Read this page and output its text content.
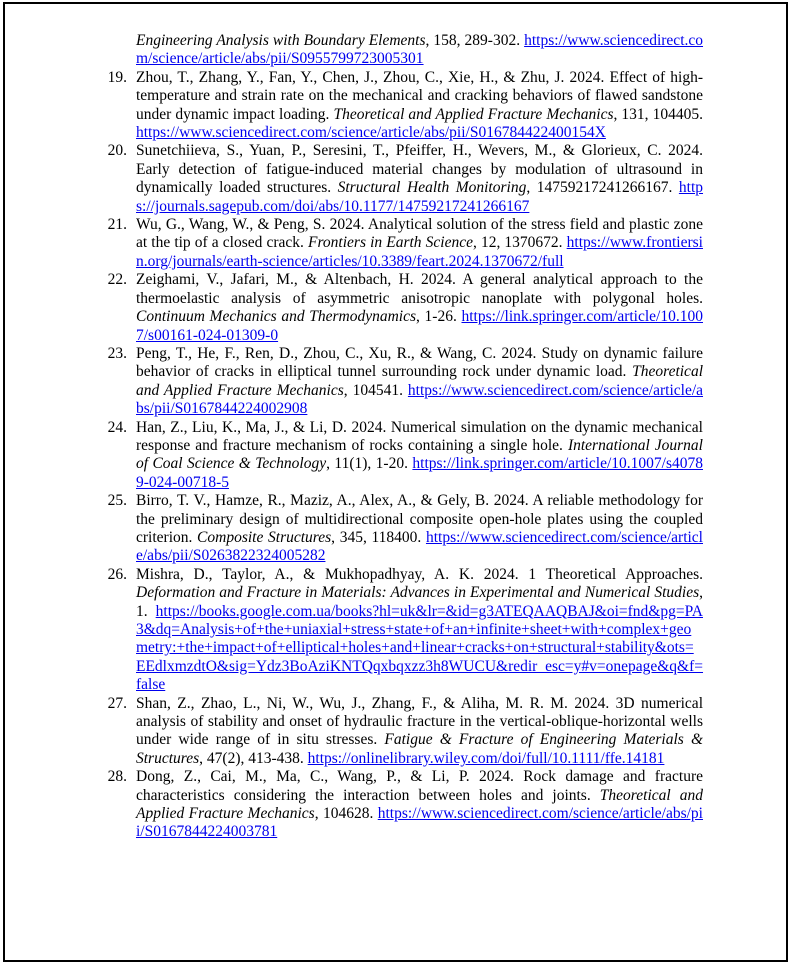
Engineering Analysis with Boundary Elements, 158, 289-302. https://www.sciencedirect.com/science/article/abs/pii/S0955799723005301
19. Zhou, T., Zhang, Y., Fan, Y., Chen, J., Zhou, C., Xie, H., & Zhu, J. 2024. Effect of high-temperature and strain rate on the mechanical and cracking behaviors of flawed sandstone under dynamic impact loading. Theoretical and Applied Fracture Mechanics, 131, 104405. https://www.sciencedirect.com/science/article/abs/pii/S016784422400154X
20. Sunetchiieva, S., Yuan, P., Seresini, T., Pfeiffer, H., Wevers, M., & Glorieux, C. 2024. Early detection of fatigue-induced material changes by modulation of ultrasound in dynamically loaded structures. Structural Health Monitoring, 14759217241266167. https://journals.sagepub.com/doi/abs/10.1177/14759217241266167
21. Wu, G., Wang, W., & Peng, S. 2024. Analytical solution of the stress field and plastic zone at the tip of a closed crack. Frontiers in Earth Science, 12, 1370672. https://www.frontiersin.org/journals/earth-science/articles/10.3389/feart.2024.1370672/full
22. Zeighami, V., Jafari, M., & Altenbach, H. 2024. A general analytical approach to the thermoelastic analysis of asymmetric anisotropic nanoplate with polygonal holes. Continuum Mechanics and Thermodynamics, 1-26. https://link.springer.com/article/10.1007/s00161-024-01309-0
23. Peng, T., He, F., Ren, D., Zhou, C., Xu, R., & Wang, C. 2024. Study on dynamic failure behavior of cracks in elliptical tunnel surrounding rock under dynamic load. Theoretical and Applied Fracture Mechanics, 104541. https://www.sciencedirect.com/science/article/abs/pii/S0167844224002908
24. Han, Z., Liu, K., Ma, J., & Li, D. 2024. Numerical simulation on the dynamic mechanical response and fracture mechanism of rocks containing a single hole. International Journal of Coal Science & Technology, 11(1), 1-20. https://link.springer.com/article/10.1007/s40789-024-00718-5
25. Birro, T. V., Hamze, R., Maziz, A., Alex, A., & Gely, B. 2024. A reliable methodology for the preliminary design of multidirectional composite open-hole plates using the coupled criterion. Composite Structures, 345, 118400. https://www.sciencedirect.com/science/article/abs/pii/S0263822324005282
26. Mishra, D., Taylor, A., & Mukhopadhyay, A. K. 2024. 1 Theoretical Approaches. Deformation and Fracture in Materials: Advances in Experimental and Numerical Studies, 1. https://books.google.com.ua/books?hl=uk&lr=&id=g3ATEQAAQBAJ&oi=fnd&pg=PA3&dq=Analysis+of+the+uniaxial+stress+state+of+an+infinite+sheet+with+complex+geometry:+the+impact+of+elliptical+holes+and+linear+cracks+on+structural+stability&ots=EEdlxmzdtO&sig=Ydz3BoAziKNTQqxbqxzz3h8WUCU&redir_esc=y#v=onepage&q&f=false
27. Shan, Z., Zhao, L., Ni, W., Wu, J., Zhang, F., & Aliha, M. R. M. 2024. 3D numerical analysis of stability and onset of hydraulic fracture in the vertical-oblique-horizontal wells under wide range of in situ stresses. Fatigue & Fracture of Engineering Materials & Structures, 47(2), 413-438. https://onlinelibrary.wiley.com/doi/full/10.1111/ffe.14181
28. Dong, Z., Cai, M., Ma, C., Wang, P., & Li, P. 2024. Rock damage and fracture characteristics considering the interaction between holes and joints. Theoretical and Applied Fracture Mechanics, 104628. https://www.sciencedirect.com/science/article/abs/pii/S0167844224003781
